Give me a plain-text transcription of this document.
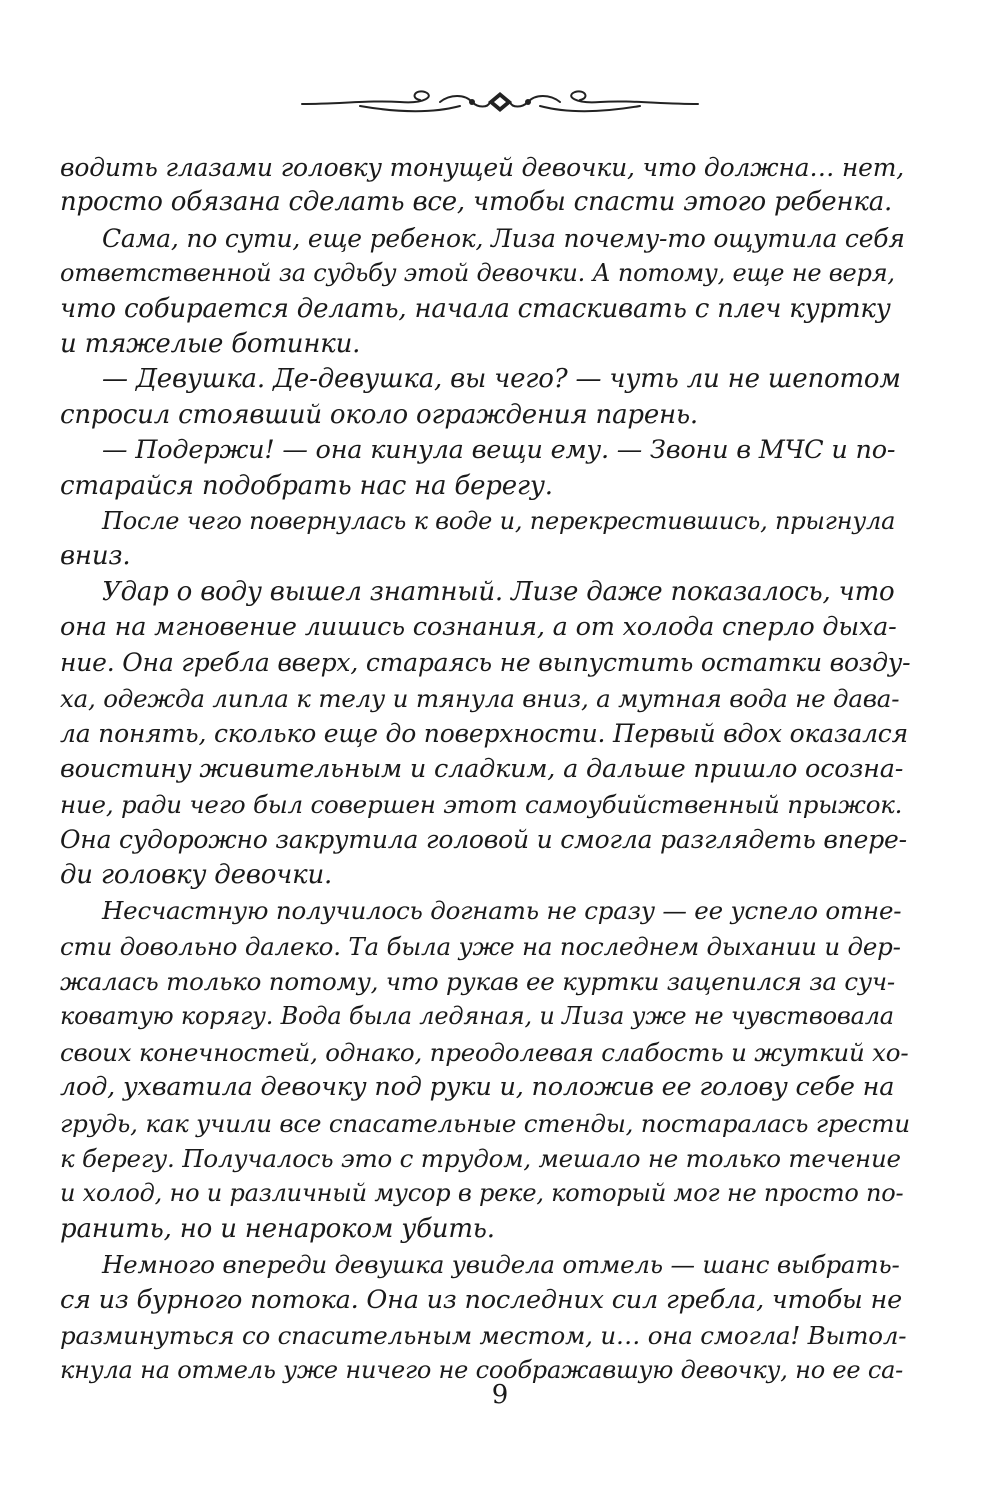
водить глазами головку тонущей девочки, что должна… нет,
просто обязана сделать все, чтобы спасти этого ребенка.
Сама, по сути, еще ребенок, Лиза почему-то ощутила себя
ответственной за судьбу этой девочки. А потому, еще не веря,
что собирается делать, начала стаскивать с плеч куртку
и тяжелые ботинки.
— Девушка. Де-девушка, вы чего? — чуть ли не шепотом
спросил стоявший около ограждения парень.
— Подержи! — она кинула вещи ему. — Звони в МЧС и по-
старайся подобрать нас на берегу.
После чего повернулась к воде и, перекрестившись, прыгнула
вниз.
Удар о воду вышел знатный. Лизе даже показалось, что
она на мгновение лишись сознания, а от холода сперло дыха-
ние. Она гребла вверх, стараясь не выпустить остатки возду-
ха, одежда липла к телу и тянула вниз, а мутная вода не дава-
ла понять, сколько еще до поверхности. Первый вдох оказался
воистину живительным и сладким, а дальше пришло осозна-
ние, ради чего был совершен этот самоубийственный прыжок.
Она судорожно закрутила головой и смогла разглядеть впере-
ди головку девочки.
Несчастную получилось догнать не сразу — ее успело отне-
сти довольно далеко. Та была уже на последнем дыхании и дер-
жалась только потому, что рукав ее куртки зацепился за суч-
коватую корягу. Вода была ледяная, и Лиза уже не чувствовала
своих конечностей, однако, преодолевая слабость и жуткий хо-
лод, ухватила девочку под руки и, положив ее голову себе на
грудь, как учили все спасательные стенды, постаралась грести
к берегу. Получалось это с трудом, мешало не только течение
и холод, но и различный мусор в реке, который мог не просто по-
ранить, но и ненароком убить.
Немного впереди девушка увидела отмель — шанс выбрать-
ся из бурного потока. Она из последних сил гребла, чтобы не
разминуться со спасительным местом, и… она смогла! Вытол-
кнула на отмель уже ничего не соображавшую девочку, но ее са-
9
